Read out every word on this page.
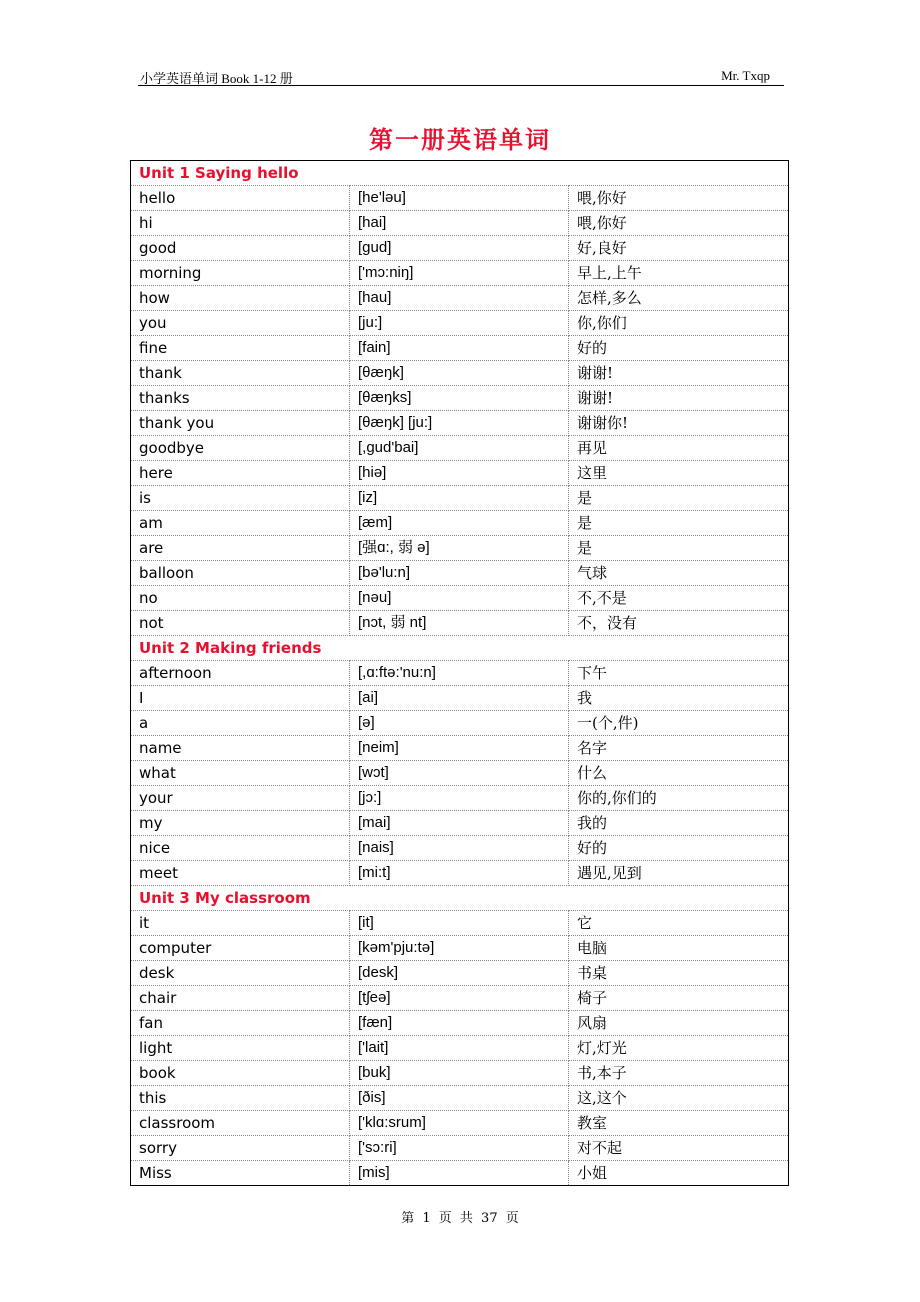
小学英语单词 Book 1-12 册	Mr. Txqp
第一册英语单词
Unit 1 Saying hello		
hello	[he'ləu]	喂,你好
hi	[hai]	喂,你好
good	[ɡud]	好,良好
morning	['mɔ:niŋ]	早上,上午
how	[hau]	怎样,多么
you	[ju:]	你,你们
fine	[fain]	好的
thank	[θæŋk]	谢谢!
thanks	[θæŋks]	谢谢!
thank you	[θæŋk] [ju:]	谢谢你!
goodbye	[,ɡud'bai]	再见
here	[hiə]	这里
is	[iz]	是
am	[æm]	是
are	[强ɑ:, 弱 ə]	是
balloon	[bə'lu:n]	气球
no	[nəu]	不,不是
not	[nɔt, 弱 nt]	不，没有
Unit 2 Making friends		
afternoon	[,ɑ:ftə:'nu:n]	下午
I	[ai]	我
a	[ə]	一(个,件)
name	[neim]	名字
what	[wɔt]	什么
your	[jɔ:]	你的,你们的
my	[mai]	我的
nice	[nais]	好的
meet	[mi:t]	遇见,见到
Unit 3 My classroom		
it	[it]	它
computer	[kəm'pju:tə]	电脑
desk	[desk]	书桌
chair	[tʃeə]	椅子
fan	[fæn]	风扇
light	['lait]	灯,灯光
book	[buk]	书,本子
this	[ðis]	这,这个
classroom	['klɑ:srum]	教室
sorry	['sɔ:ri]	对不起
Miss	[mis]	小姐
第 1 页 共 37 页
